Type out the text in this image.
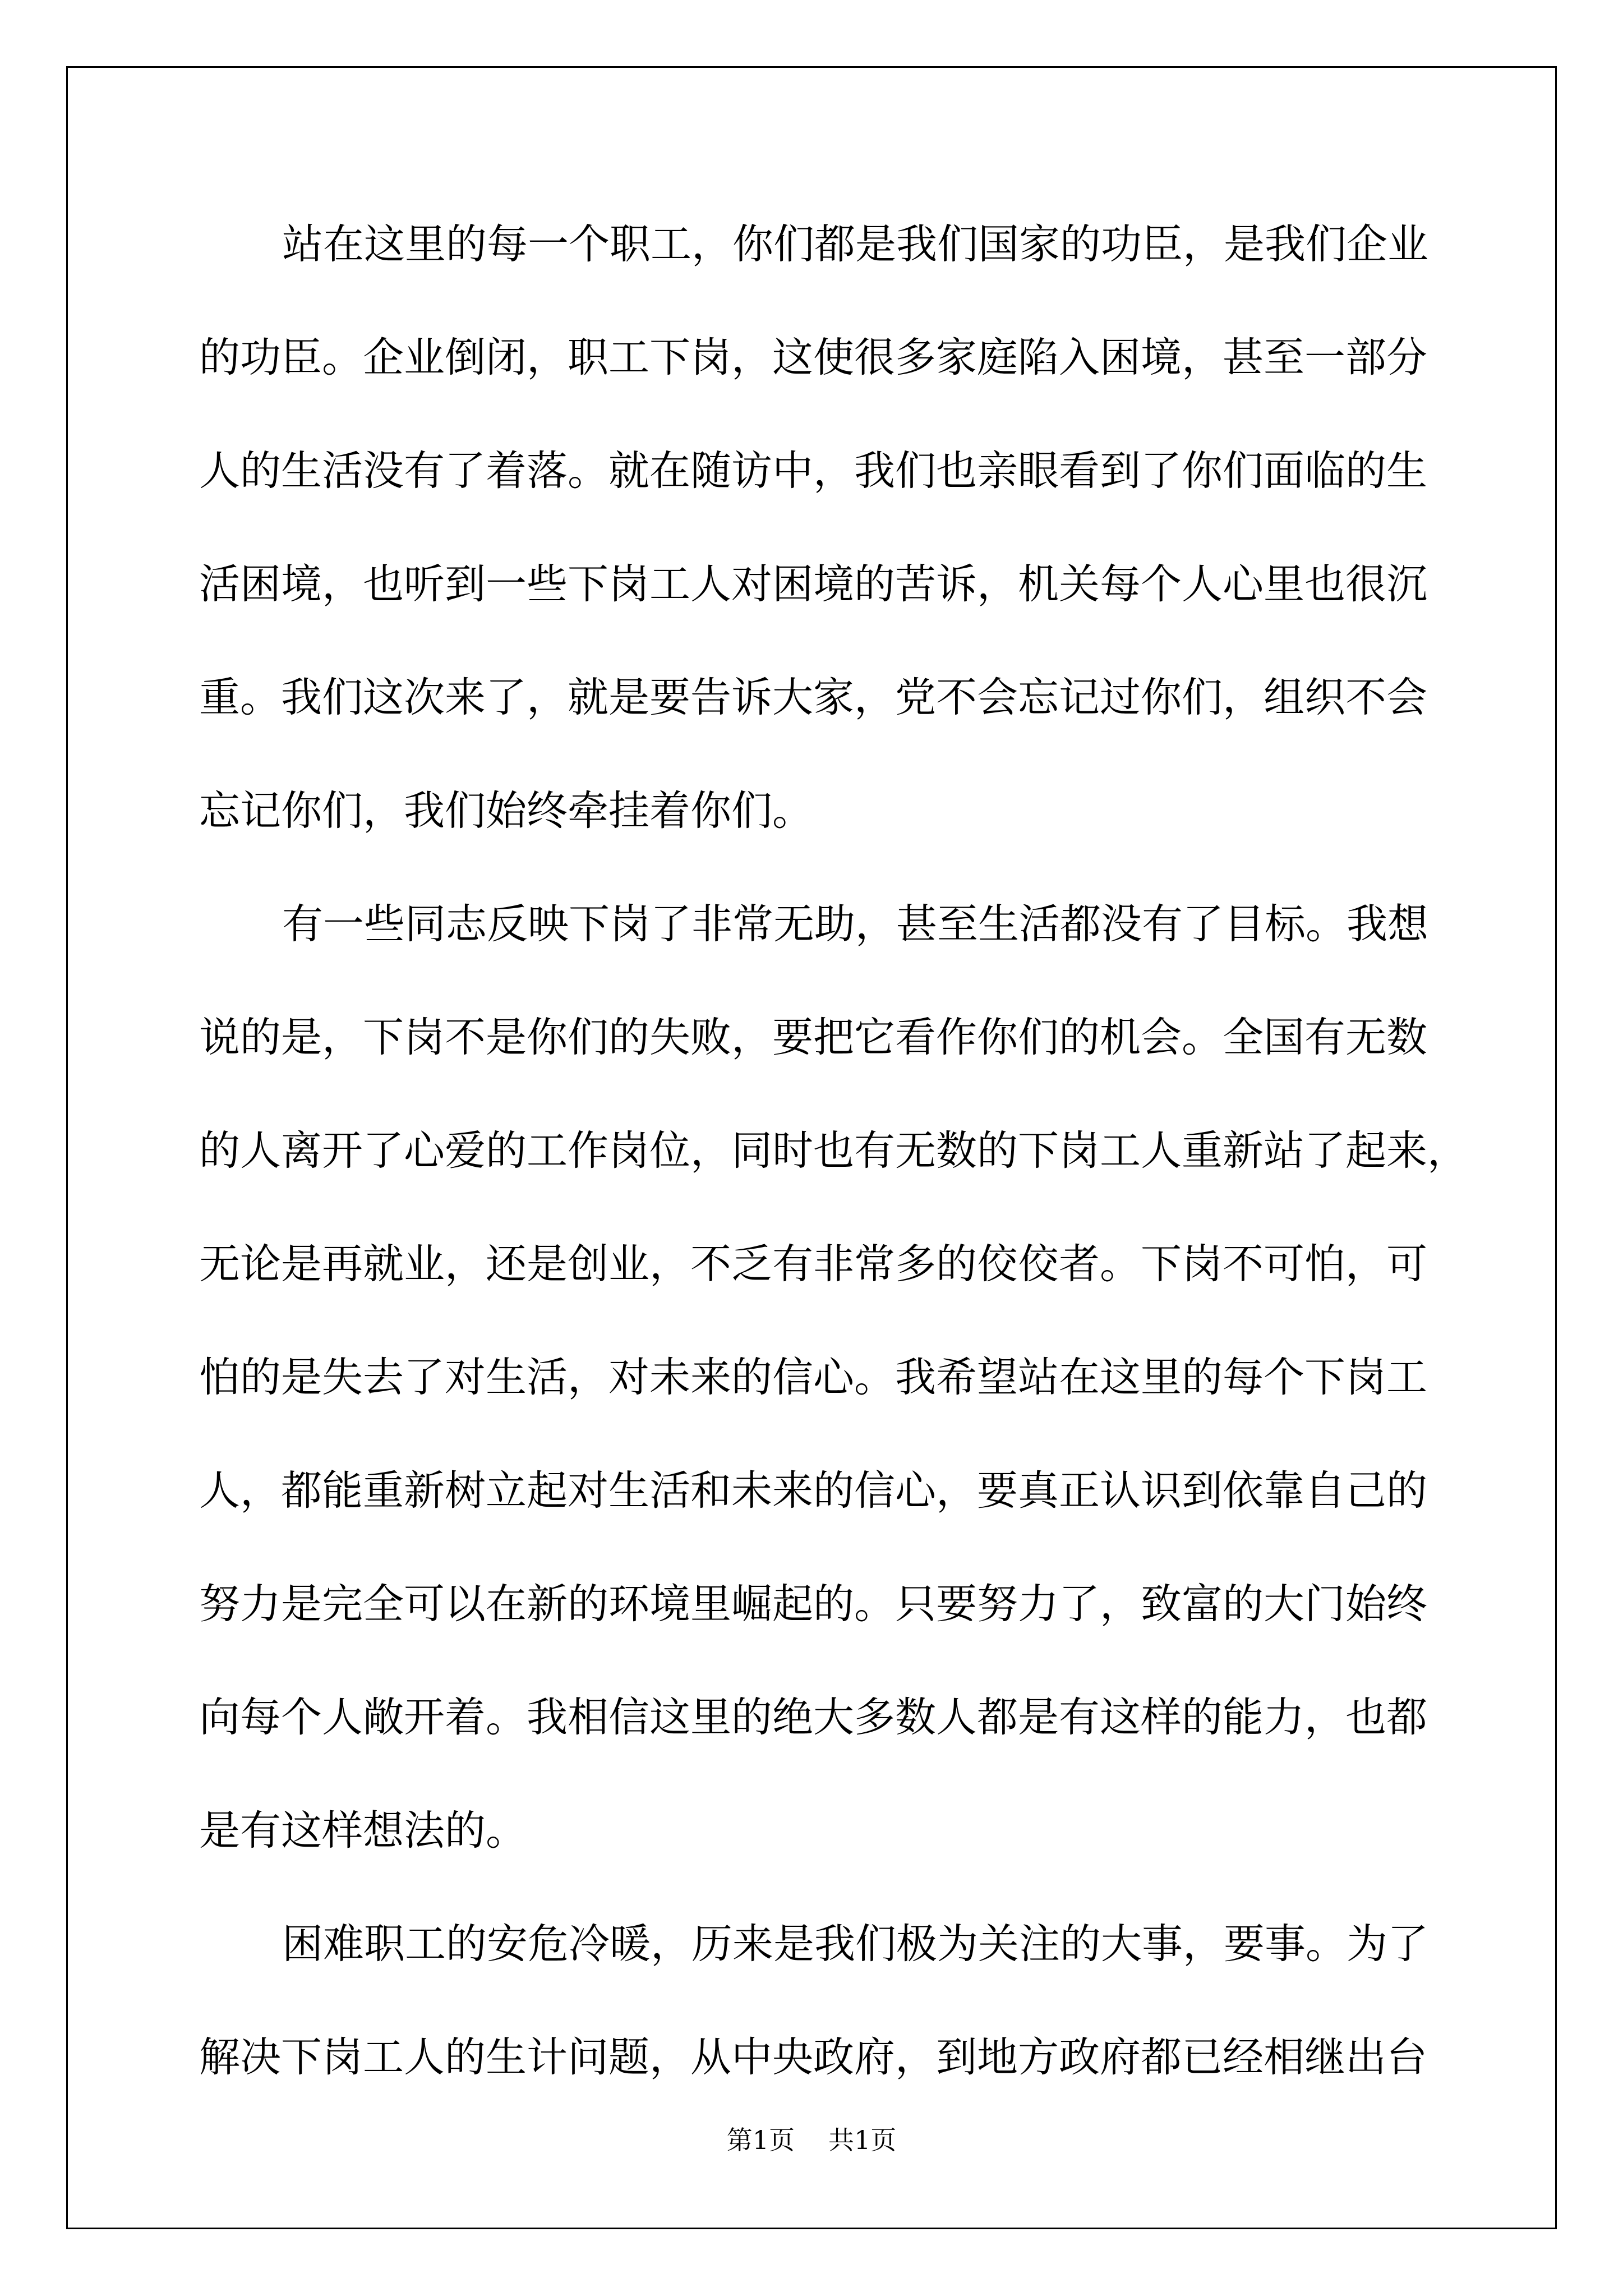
站在这里的每一个职工，你们都是我们国家的功臣，是我们企业
的功臣。企业倒闭，职工下岗，这使很多家庭陷入困境，甚至一部分
人的生活没有了着落。就在随访中，我们也亲眼看到了你们面临的生
活困境，也听到一些下岗工人对困境的苦诉，机关每个人心里也很沉
重。我们这次来了，就是要告诉大家，党不会忘记过你们，组织不会
忘记你们，我们始终牵挂着你们。
有一些同志反映下岗了非常无助，甚至生活都没有了目标。我想
说的是，下岗不是你们的失败，要把它看作你们的机会。全国有无数
的人离开了心爱的工作岗位，同时也有无数的下岗工人重新站了起来，
无论是再就业，还是创业，不乏有非常多的佼佼者。下岗不可怕，可
怕的是失去了对生活，对未来的信心。我希望站在这里的每个下岗工
人，都能重新树立起对生活和未来的信心，要真正认识到依靠自己的
努力是完全可以在新的环境里崛起的。只要努力了，致富的大门始终
向每个人敞开着。我相信这里的绝大多数人都是有这样的能力，也都
是有这样想法的。
困难职工的安危冷暖，历来是我们极为关注的大事，要事。为了
解决下岗工人的生计问题，从中央政府，到地方政府都已经相继出台
第1页 共1页
